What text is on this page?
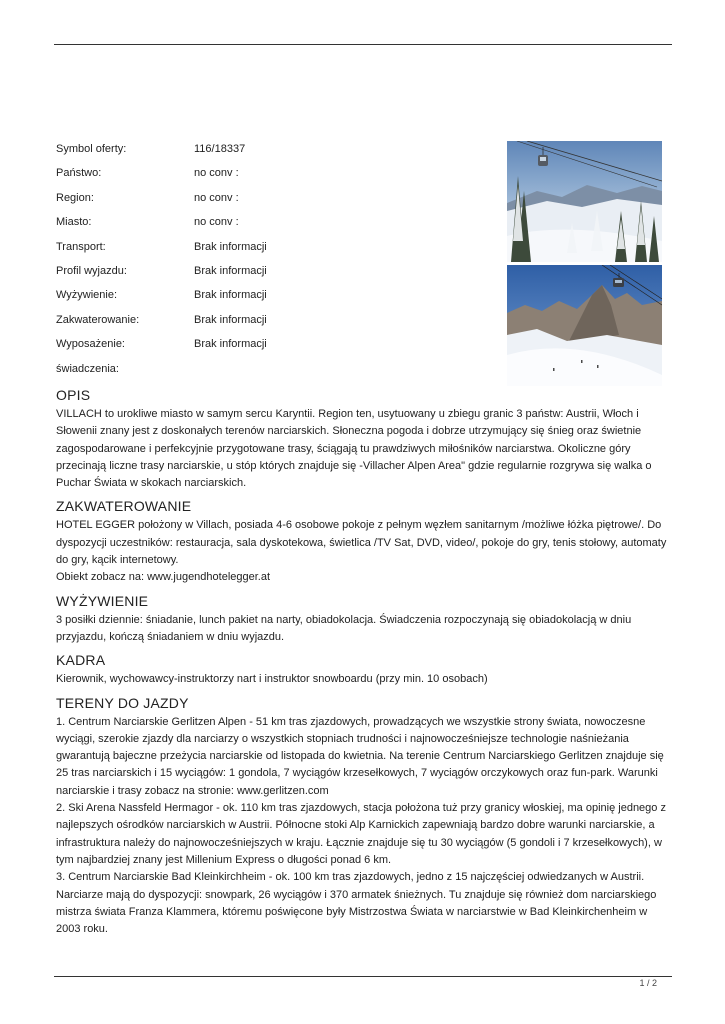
Symbol oferty:	116/18337
Państwo:	no conv :
Region:	no conv :
Miasto:	no conv :
Transport:	Brak informacji
Profil wyjazdu:	Brak informacji
Wyżywienie:	Brak informacji
Zakwaterowanie:	Brak informacji
Wyposażenie:	Brak informacji
świadczenia:
OPIS

VILLACH to urokliwe miasto w samym sercu Karyntii. Region ten, usytuowany u zbiegu granic 3 państw: Austrii, Włoch i Słowenii znany jest z doskonałych terenów narciarskich. Słoneczna pogoda i dobrze utrzymujący się śnieg oraz świetnie zagospodarowane i perfekcyjnie przygotowane trasy, ściągają tu prawdziwych miłośników narciarstwa. Okoliczne góry przecinają liczne trasy narciarskie, u stóp których znajduje się -Villacher Alpen Area" gdzie regularnie rozgrywa się walka o Puchar Świata w skokach narciarskich.

ZAKWATEROWANIE

HOTEL EGGER położony w Villach, posiada 4-6 osobowe pokoje z pełnym węzłem sanitarnym /możliwe łóżka piętrowe/. Do dyspozycji uczestników: restauracja, sala dyskotekowa, świetlica /TV Sat, DVD, video/, pokoje do gry, tenis stołowy, automaty do gry, kącik internetowy.

Obiekt zobacz na: www.jugendhotelegger.at

WYŻYWIENIE

3 posiłki dziennie: śniadanie, lunch pakiet na narty, obiadokolacja. Świadczenia rozpoczynają się obiadokolacją w dniu przyjazdu, kończą śniadaniem w dniu wyjazdu.

KADRA

Kierownik, wychowawcy-instruktorzy nart i instruktor snowboardu (przy min. 10 osobach)

TERENY DO JAZDY

1. Centrum Narciarskie Gerlitzen Alpen - 51 km tras zjazdowych, prowadzących we wszystkie strony świata, nowoczesne wyciągi, szerokie zjazdy dla narciarzy o wszystkich stopniach trudności i najnowocześniejsze technologie naśnieżania gwarantują bajeczne przeżycia narciarskie od listopada do kwietnia. Na terenie Centrum Narciarskiego Gerlitzen znajduje się 25 tras narciarskich i 15 wyciągów: 1 gondola, 7 wyciągów krzesełkowych, 7 wyciągów orczykowych oraz fun-park. Warunki narciarskie i trasy zobacz na stronie: www.gerlitzen.com

2. Ski Arena Nassfeld Hermagor - ok. 110 km tras zjazdowych, stacja położona tuż przy granicy włoskiej, ma opinię jednego z najlepszych ośrodków narciarskich w Austrii. Północne stoki Alp Karnickich zapewniają bardzo dobre warunki narciarskie, a infrastruktura należy do najnowocześniejszych w kraju. Łącznie znajduje się tu 30 wyciągów (5 gondoli i 7 krzesełkowych), w tym najbardziej znany jest Millenium Express o długości ponad 6 km.

3. Centrum Narciarskie Bad Kleinkirchheim - ok. 100 km tras zjazdowych, jedno z 15 najczęściej odwiedzanych w Austrii. Narciarze mają do dyspozycji: snowpark, 26 wyciągów i 370 armatek śnieżnych. Tu znajduje się również dom narciarskiego mistrza świata Franza Klammera, któremu poświęcone były Mistrzostwa Świata w narciarstwie w Bad Kleinkirchenheim w 2003 roku.

1 / 2
